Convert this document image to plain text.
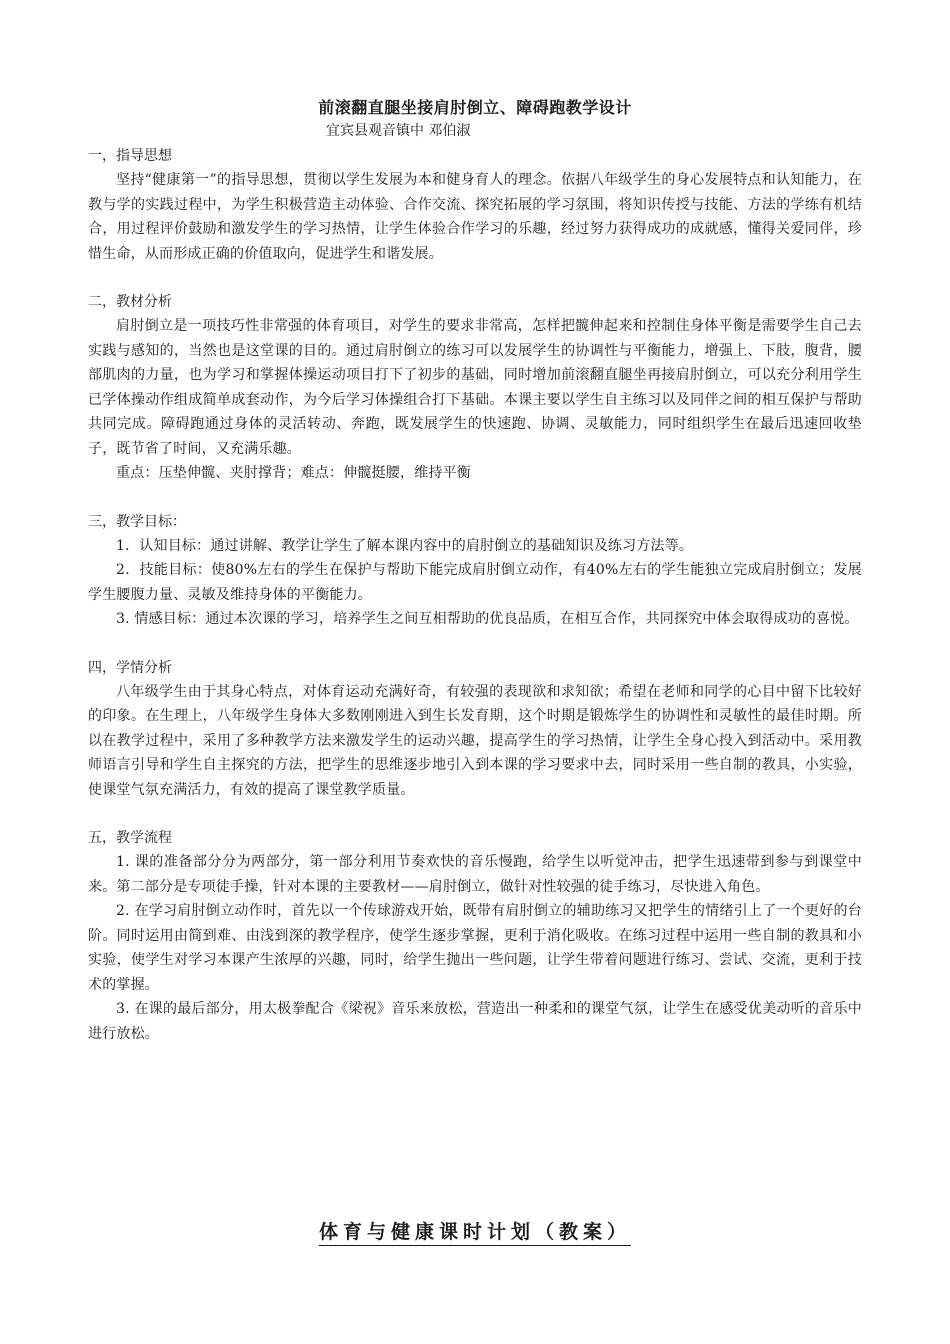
前滚翻直腿坐接肩肘倒立、障碍跑教学设计

宜宾县观音镇中 邓伯淑

一，指导思想

坚持“健康第一”的指导思想，贯彻以学生发展为本和健身育人的理念。依据八年级学生的身心发展特点和认知能力，在教与学的实践过程中，为学生积极营造主动体验、合作交流、探究拓展的学习氛围，将知识传授与技能、方法的学练有机结合，用过程评价鼓励和激发学生的学习热情，让学生体验合作学习的乐趣，经过努力获得成功的成就感，懂得关爱同伴，珍惜生命，从而形成正确的价值取向，促进学生和谐发展。

二，教材分析

肩肘倒立是一项技巧性非常强的体育项目，对学生的要求非常高，怎样把髋伸起来和控制住身体平衡是需要学生自己去实践与感知的，当然也是这堂课的目的。通过肩肘倒立的练习可以发展学生的协调性与平衡能力，增强上、下肢，腹背，腰部肌肉的力量，也为学习和掌握体操运动项目打下了初步的基础，同时增加前滚翻直腿坐再接肩肘倒立，可以充分利用学生已学体操动作组成简单成套动作，为今后学习体操组合打下基础。本课主要以学生自主练习以及同伴之间的相互保护与帮助共同完成。障碍跑通过身体的灵活转动、奔跑，既发展学生的快速跑、协调、灵敏能力，同时组织学生在最后迅速回收垫子，既节省了时间，又充满乐趣。

重点：压垫伸髋、夹肘撑背；难点：伸髋挺腰，维持平衡

三，教学目标：

1．认知目标：通过讲解、教学让学生了解本课内容中的肩肘倒立的基础知识及练习方法等。

2．技能目标：使80%左右的学生在保护与帮助下能完成肩肘倒立动作，有40%左右的学生能独立完成肩肘倒立；发展学生腰腹力量、灵敏及维持身体的平衡能力。

3. 情感目标：通过本次课的学习，培养学生之间互相帮助的优良品质，在相互合作，共同探究中体会取得成功的喜悦。

四，学情分析

八年级学生由于其身心特点，对体育运动充满好奇，有较强的表现欲和求知欲；希望在老师和同学的心目中留下比较好的印象。在生理上，八年级学生身体大多数刚刚进入到生长发育期，这个时期是锻炼学生的协调性和灵敏性的最佳时期。所以在教学过程中，采用了多种教学方法来激发学生的运动兴趣，提高学生的学习热情，让学生全身心投入到活动中。采用教师语言引导和学生自主探究的方法，把学生的思维逐步地引入到本课的学习要求中去，同时采用一些自制的教具，小实验，使课堂气氛充满活力，有效的提高了课堂教学质量。

五，教学流程

1. 课的准备部分分为两部分，第一部分利用节奏欢快的音乐慢跑，给学生以听觉冲击，把学生迅速带到参与到课堂中来。第二部分是专项徒手操，针对本课的主要教材——肩肘倒立，做针对性较强的徒手练习，尽快进入角色。

2. 在学习肩肘倒立动作时，首先以一个传球游戏开始，既带有肩肘倒立的辅助练习又把学生的情绪引上了一个更好的台阶。同时运用由简到难、由浅到深的教学程序，使学生逐步掌握，更利于消化吸收。在练习过程中运用一些自制的教具和小实验，使学生对学习本课产生浓厚的兴趣，同时，给学生抛出一些问题，让学生带着问题进行练习、尝试、交流，更利于技术的掌握。

3. 在课的最后部分，用太极拳配合《梁祝》音乐来放松，营造出一种柔和的课堂气氛，让学生在感受优美动听的音乐中进行放松。

体育与健康课时计划（教案）
